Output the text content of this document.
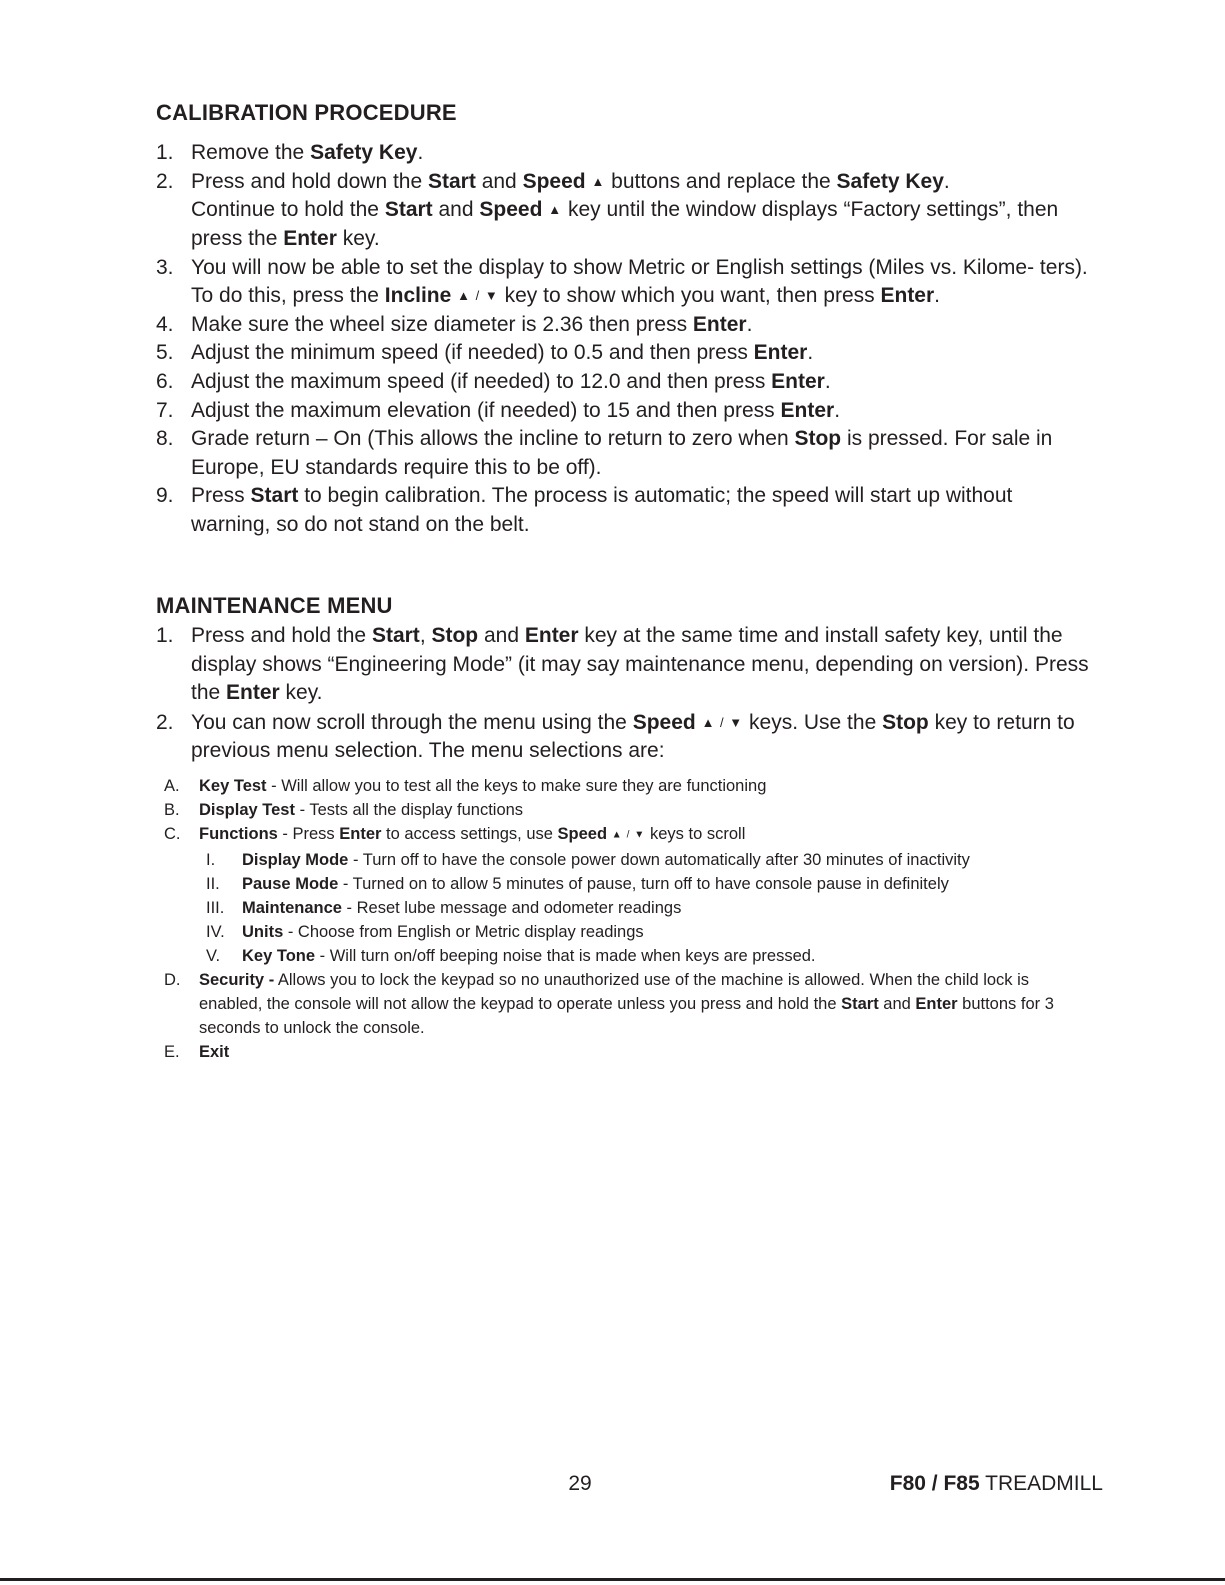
CALIBRATION PROCEDURE
1. Remove the Safety Key.
2. Press and hold down the Start and Speed ▲ buttons and replace the Safety Key.
Continue to hold the Start and Speed ▲ key until the window displays “Factory settings”, then press the Enter key.
3. You will now be able to set the display to show Metric or English settings (Miles vs. Kilome- ters). To do this, press the Incline ▲ / ▼ key to show which you want, then press Enter.
4. Make sure the wheel size diameter is 2.36 then press Enter.
5. Adjust the minimum speed (if needed) to 0.5 and then press Enter.
6. Adjust the maximum speed (if needed) to 12.0 and then press Enter.
7. Adjust the maximum elevation (if needed) to 15 and then press Enter.
8. Grade return – On (This allows the incline to return to zero when Stop is pressed. For sale in Europe, EU standards require this to be off).
9. Press Start to begin calibration. The process is automatic; the speed will start up without warning, so do not stand on the belt.
MAINTENANCE MENU
1. Press and hold the Start, Stop and Enter key at the same time and install safety key, until the display shows “Engineering Mode” (it may say maintenance menu, depending on version). Press the Enter key.
2. You can now scroll through the menu using the Speed ▲ / ▼ keys. Use the Stop key to return to previous menu selection. The menu selections are:
A. Key Test - Will allow you to test all the keys to make sure they are functioning
B. Display Test - Tests all the display functions
C. Functions - Press Enter to access settings, use Speed ▲ / ▼ keys to scroll
I. Display Mode - Turn off to have the console power down automatically after 30 minutes of inactivity
II. Pause Mode - Turned on to allow 5 minutes of pause, turn off to have console pause in definitely
III. Maintenance - Reset lube message and odometer readings
IV. Units - Choose from English or Metric display readings
V. Key Tone - Will turn on/off beeping noise that is made when keys are pressed.
D. Security - Allows you to lock the keypad so no unauthorized use of the machine is allowed. When the child lock is enabled, the console will not allow the keypad to operate unless you press and hold the Start and Enter buttons for 3 seconds to unlock the console.
E. Exit
29	F80 / F85 TREADMILL
